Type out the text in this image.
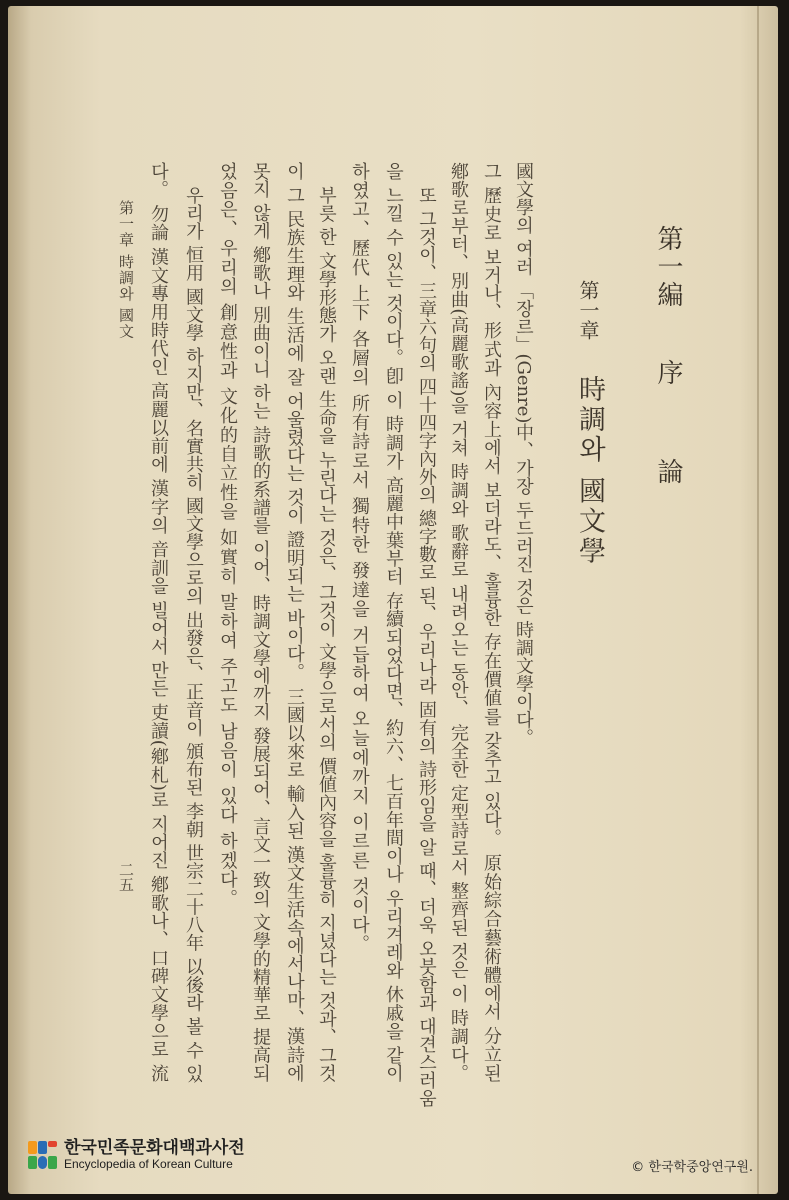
第一編 序 論
第一章
時調와 國文學
國文學의 여러 「장르」(Genre)中、가장 두드러진 것은 時調文學이다。
그 歷史로 보거나、形式과 內容上에서 보더라도、훌륭한 存在價値를 갖추고 있다。 原始綜合藝術體에서 分立된
鄕歌로부터、別曲(高麗歌謠)을 거쳐 時調와 歌辭로 내려오는 동안、 完全한 定型詩로서 整齊된 것은 이 時調다。
또 그것이、三章六句의 四十四字內外의 總字數로 된、우리나라 固有의 詩形임을 알 때、더욱 오붓함과 대견스러움
을 느낄 수 있는 것이다。卽 이 時調가 高麗中葉부터 存續되었다면、約六、七百年間이나 우리겨레와 休戚을 같이
하였고、歷代 上下 各層의 所有詩로서 獨特한 發達을 거듭하여 오늘에까지 이르른 것이다。
부릇 한 文學形態가 오랜 生命을 누린다는 것은、그것이 文學으로서의 價値內容을 훌륭히 지녔다는 것과、그것
이 그 民族生理와 生活에 잘 어울렸다는 것이 證明되는 바이다。 三國以來로 輸入된 漢文生活속에서나마、漢詩에
못지 않게 鄕歌나 別曲이니 하는 詩歌的系譜를 이어、時調文學에까지 發展되어、言文一致의 文學的精華로 提高되
었음은、우리의 創意性과 文化的自立性을 如實히 말하여 주고도 남음이 있다 하겠다。
우리가 恒用 國文學 하지만、名實共히 國文學으로의 出發은、正音이 頒布된 李朝 世宗二十八年 以後라 볼 수 있
다。 勿論 漢文專用時代인 高麗以前에 漢字의 音訓을 빌어서 만든 吏讀(鄕札)로 지어진 鄕歌나、口碑文學으로 流
第一章 時調와 國文
二五
한국민족문화대백과사전
Encyclopedia of Korean Culture	© 한국학중앙연구원.
